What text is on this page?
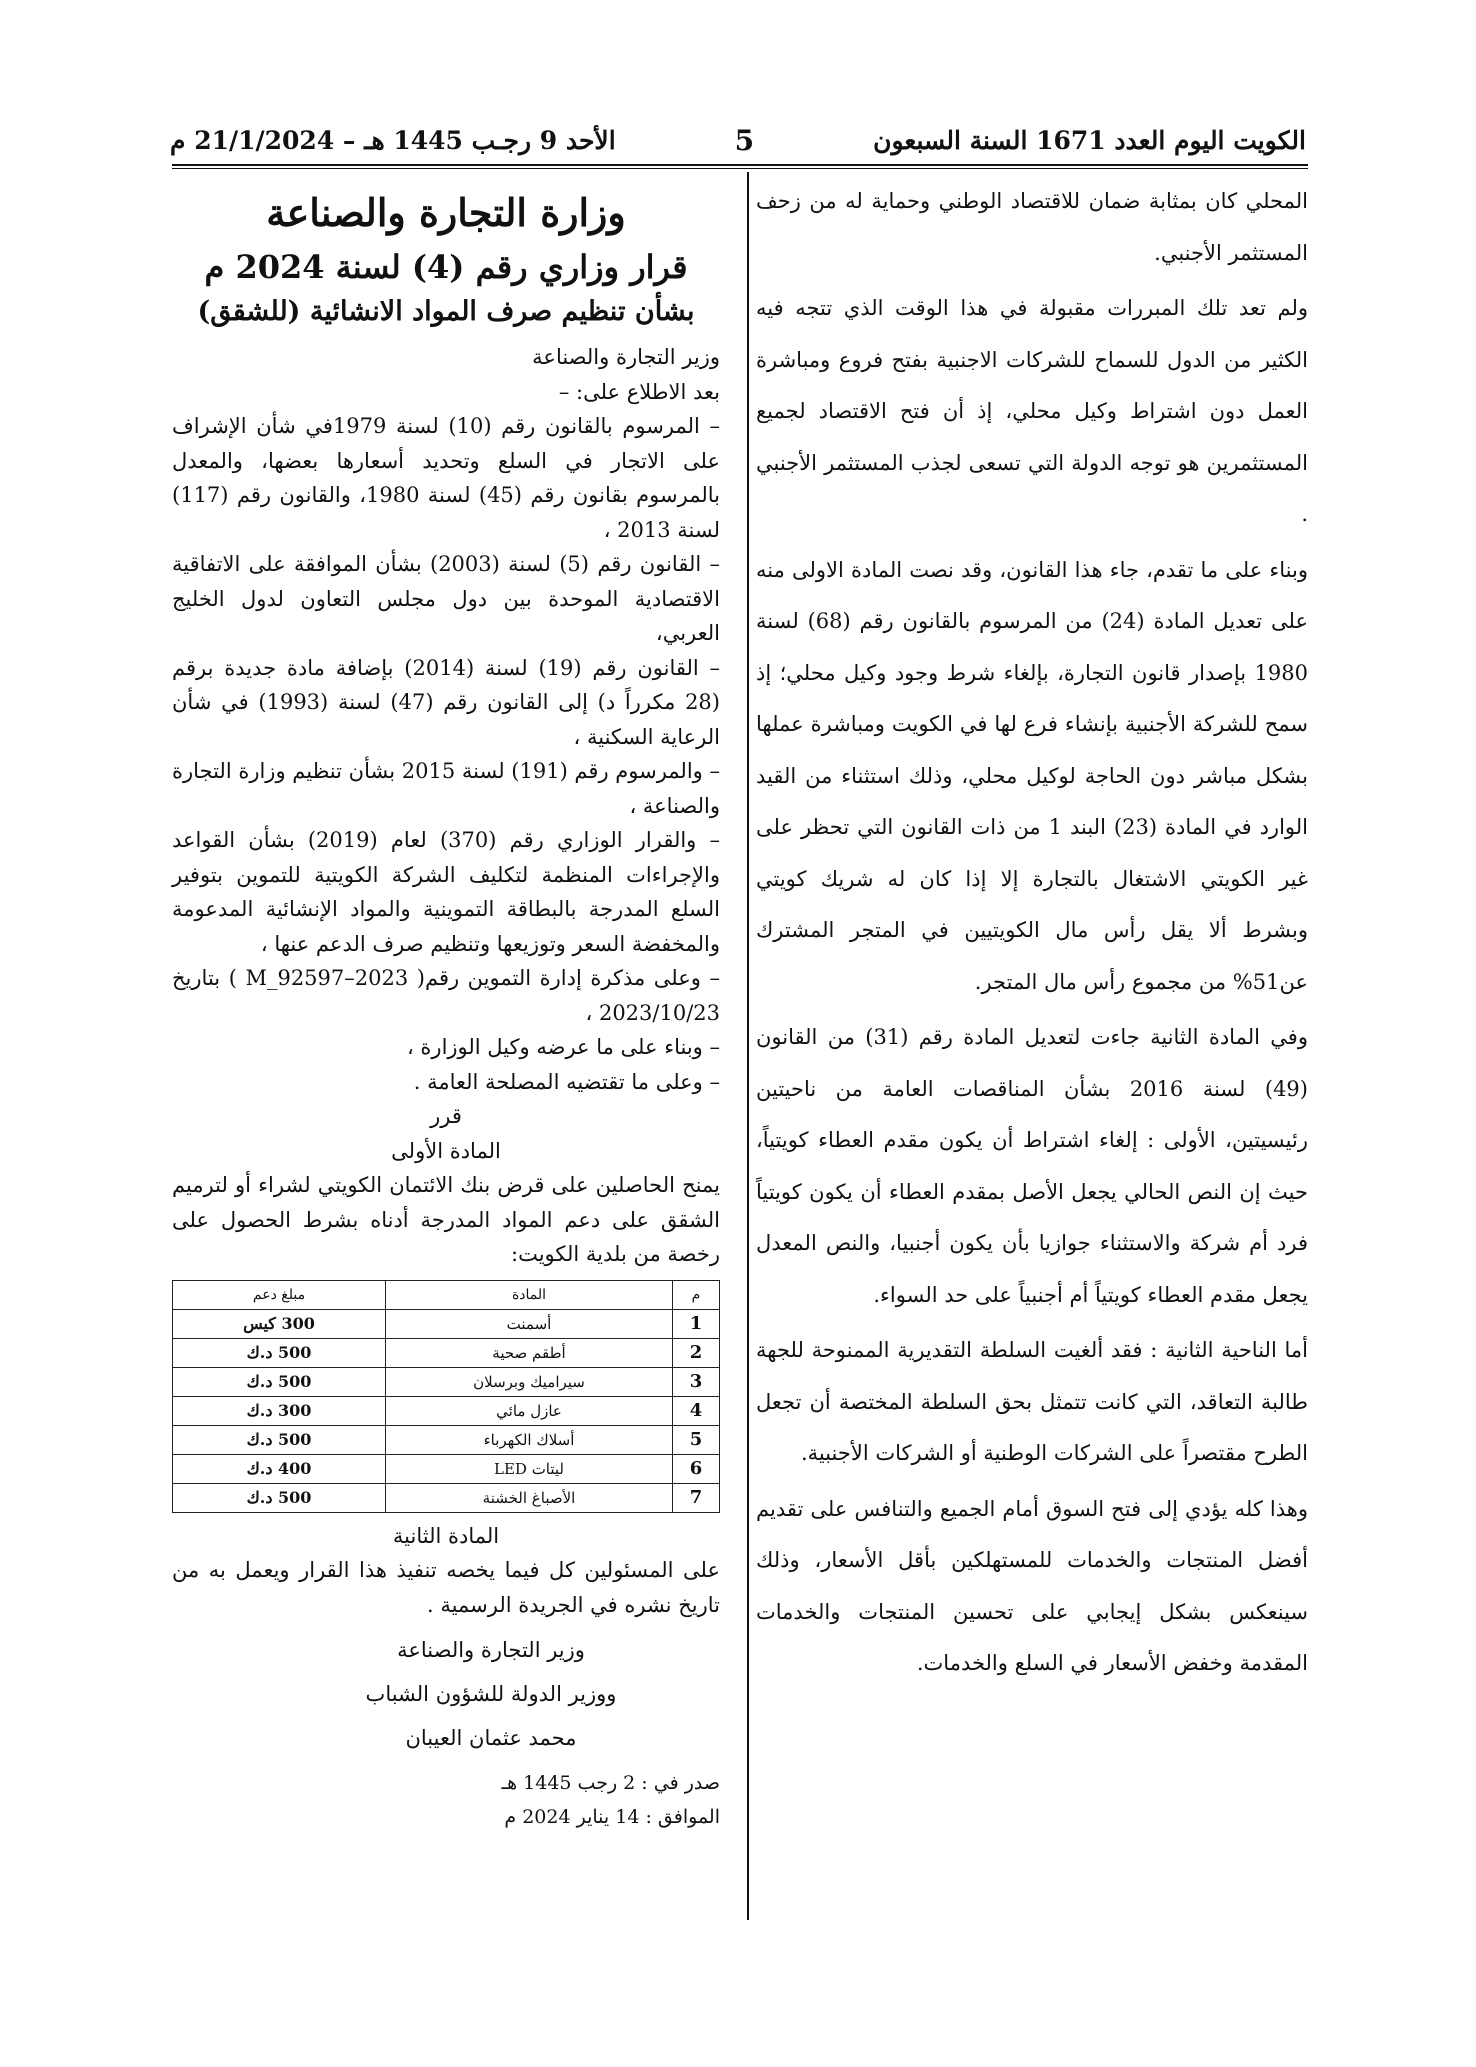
الكويت اليوم العدد 1671 السنة السبعون
5
الأحد 9 رجـب 1445 هـ – 21/1/2024 م

المحلي كان بمثابة ضمان للاقتصاد الوطني وحماية له من زحف المستثمر الأجنبي.

ولم تعد تلك المبررات مقبولة في هذا الوقت الذي تتجه فيه الكثير من الدول للسماح للشركات الاجنبية بفتح فروع ومباشرة العمل دون اشتراط وكيل محلي، إذ أن فتح الاقتصاد لجميع المستثمرين هو توجه الدولة التي تسعى لجذب المستثمر الأجنبي .

وبناء على ما تقدم، جاء هذا القانون، وقد نصت المادة الاولى منه على تعديل المادة (24) من المرسوم بالقانون رقم (68) لسنة 1980 بإصدار قانون التجارة، بإلغاء شرط وجود وكيل محلي؛ إذ سمح للشركة الأجنبية بإنشاء فرع لها في الكويت ومباشرة عملها بشكل مباشر دون الحاجة لوكيل محلي، وذلك استثناء من القيد الوارد في المادة (23) البند 1 من ذات القانون التي تحظر على غير الكويتي الاشتغال بالتجارة إلا إذا كان له شريك كويتي وبشرط ألا يقل رأس مال الكويتيين في المتجر المشترك عن51% من مجموع رأس مال المتجر.

وفي المادة الثانية جاءت لتعديل المادة رقم (31) من القانون (49) لسنة 2016 بشأن المناقصات العامة من ناحيتين رئيسيتين، الأولى : إلغاء اشتراط أن يكون مقدم العطاء كويتياً، حيث إن النص الحالي يجعل الأصل بمقدم العطاء أن يكون كويتياً فرد أم شركة والاستثناء جوازيا بأن يكون أجنبيا، والنص المعدل يجعل مقدم العطاء كويتياً أم أجنبياً على حد السواء.

أما الناحية الثانية : فقد ألغيت السلطة التقديرية الممنوحة للجهة طالبة التعاقد، التي كانت تتمثل بحق السلطة المختصة أن تجعل الطرح مقتصراً على الشركات الوطنية أو الشركات الأجنبية.

وهذا كله يؤدي إلى فتح السوق أمام الجميع والتنافس على تقديم أفضل المنتجات والخدمات للمستهلكين بأقل الأسعار، وذلك سينعكس بشكل إيجابي على تحسين المنتجات والخدمات المقدمة وخفض الأسعار في السلع والخدمات.

وزارة التجارة والصناعة
قرار وزاري رقم (4) لسنة 2024 م
بشأن تنظيم صرف المواد الانشائية (للشقق)
وزير التجارة والصناعة
بعد الاطلاع على: –
– المرسوم بالقانون رقم (10) لسنة 1979في شأن الإشراف على الاتجار في السلع وتحديد أسعارها بعضها، والمعدل بالمرسوم بقانون رقم (45) لسنة 1980، والقانون رقم (117) لسنة 2013 ،
– القانون رقم (5) لسنة (2003) بشأن الموافقة على الاتفاقية الاقتصادية الموحدة بين دول مجلس التعاون لدول الخليج العربي،
– القانون رقم (19) لسنة (2014) بإضافة مادة جديدة برقم (28 مكرراً د) إلى القانون رقم (47) لسنة (1993) في شأن الرعاية السكنية ،
– والمرسوم رقم (191) لسنة 2015 بشأن تنظيم وزارة التجارة والصناعة ،
– والقرار الوزاري رقم (370) لعام (2019) بشأن القواعد والإجراءات المنظمة لتكليف الشركة الكويتية للتموين بتوفير السلع المدرجة بالبطاقة التموينية والمواد الإنشائية المدعومة والمخفضة السعر وتوزيعها وتنظيم صرف الدعم عنها ،
– وعلى مذكرة إدارة التموين رقم( M_92597–2023 ) بتاريخ 2023/10/23 ،
– وبناء على ما عرضه وكيل الوزارة ،
– وعلى ما تقتضيه المصلحة العامة .
قرر
المادة الأولى
يمنح الحاصلين على قرض بنك الائتمان الكويتي لشراء أو لترميم الشقق على دعم المواد المدرجة أدناه بشرط الحصول على رخصة من بلدية الكويت:
م	المادة	مبلغ دعم
1	أسمنت	300 كيس
2	أطقم صحية	500 د.ك
3	سيراميك وبرسلان	500 د.ك
4	عازل مائي	300 د.ك
5	أسلاك الكهرباء	500 د.ك
6	ليتات LED	400 د.ك
7	الأصباغ الخشنة	500 د.ك
المادة الثانية
على المسئولين كل فيما يخصه تنفيذ هذا القرار ويعمل به من تاريخ نشره في الجريدة الرسمية .
وزير التجارة والصناعة
ووزير الدولة للشؤون الشباب
محمد عثمان العيبان
صدر في : 2 رجب 1445 هـ
الموافق : 14 يناير 2024 م
